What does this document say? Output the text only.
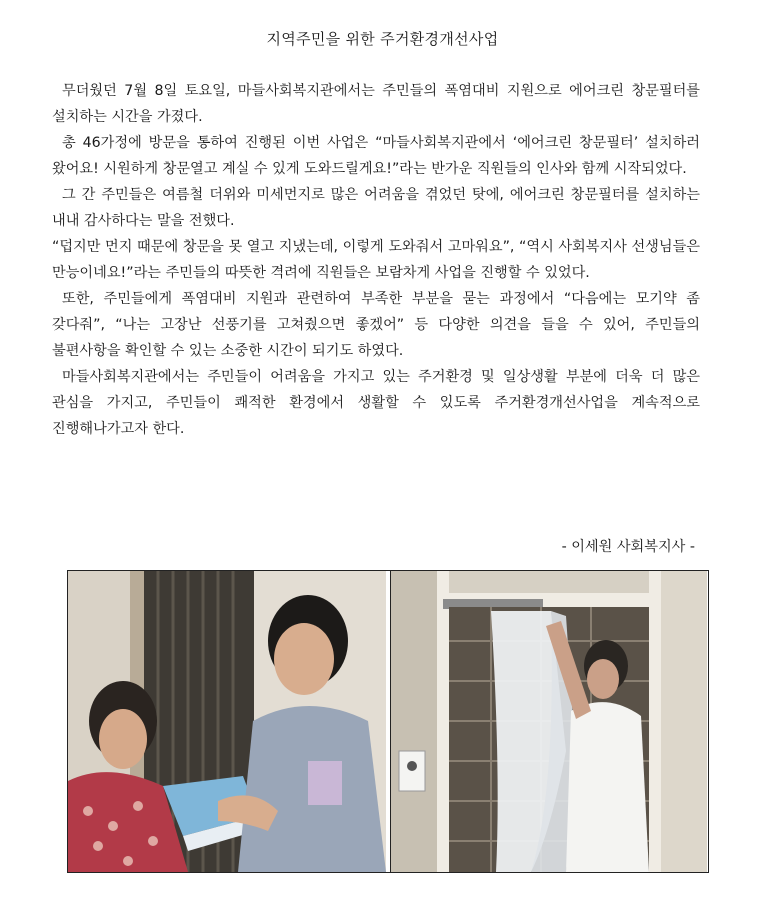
지역주민을 위한 주거환경개선사업

무더웠던 7월 8일 토요일, 마들사회복지관에서는 주민들의 폭염대비 지원으로 에어크린 창문필터를 설치하는 시간을 가졌다.

총 46가정에 방문을 통하여 진행된 이번 사업은 “마들사회복지관에서 ‘에어크린 창문필터’ 설치하러 왔어요! 시원하게 창문열고 계실 수 있게 도와드릴게요!”라는 반가운 직원들의 인사와 함께 시작되었다.

그 간 주민들은 여름철 더위와 미세먼지로 많은 어려움을 겪었던 탓에, 에어크린 창문필터를 설치하는 내내 감사하다는 말을 전했다.

“덥지만 먼지 때문에 창문을 못 열고 지냈는데, 이렇게 도와줘서 고마워요”, “역시 사회복지사 선생님들은 만능이네요!”라는 주민들의 따뜻한 격려에 직원들은 보람차게 사업을 진행할 수 있었다.

또한, 주민들에게 폭염대비 지원과 관련하여 부족한 부분을 묻는 과정에서 “다음에는 모기약 좀 갖다줘”, “나는 고장난 선풍기를 고쳐줬으면 좋겠어” 등 다양한 의견을 들을 수 있어, 주민들의 불편사항을 확인할 수 있는 소중한 시간이 되기도 하였다.

마들사회복지관에서는 주민들이 어려움을 가지고 있는 주거환경 및 일상생활 부분에 더욱 더 많은 관심을 가지고, 주민들이 쾌적한 환경에서 생활할 수 있도록 주거환경개선사업을 계속적으로 진행해나가고자 한다.

- 이세원 사회복지사 -
